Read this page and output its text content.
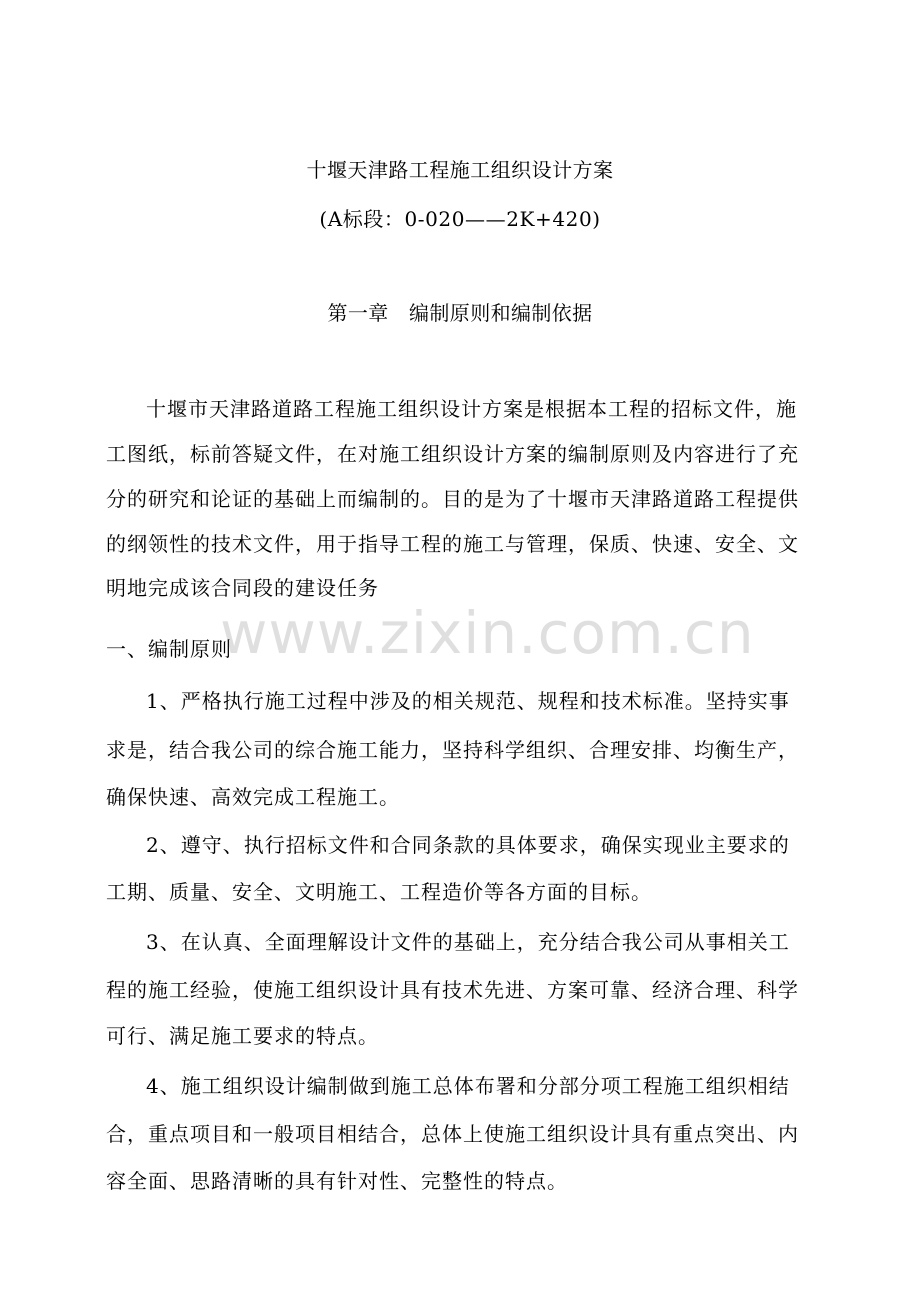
十堰天津路工程施工组织设计方案
(A标段：0-020——2K+420)
第一章　编制原则和编制依据
十堰市天津路道路工程施工组织设计方案是根据本工程的招标文件，施
工图纸，标前答疑文件，在对施工组织设计方案的编制原则及内容进行了充
分的研究和论证的基础上而编制的。目的是为了十堰市天津路道路工程提供
的纲领性的技术文件，用于指导工程的施工与管理，保质、快速、安全、文
明地完成该合同段的建设任务
www.zixin.com.cn
一、编制原则
1、严格执行施工过程中涉及的相关规范、规程和技术标准。坚持实事
求是，结合我公司的综合施工能力，坚持科学组织、合理安排、均衡生产，
确保快速、高效完成工程施工。
2、遵守、执行招标文件和合同条款的具体要求，确保实现业主要求的
工期、质量、安全、文明施工、工程造价等各方面的目标。
3、在认真、全面理解设计文件的基础上，充分结合我公司从事相关工
程的施工经验，使施工组织设计具有技术先进、方案可靠、经济合理、科学
可行、满足施工要求的特点。
4、施工组织设计编制做到施工总体布署和分部分项工程施工组织相结
合，重点项目和一般项目相结合，总体上使施工组织设计具有重点突出、内
容全面、思路清晰的具有针对性、完整性的特点。
